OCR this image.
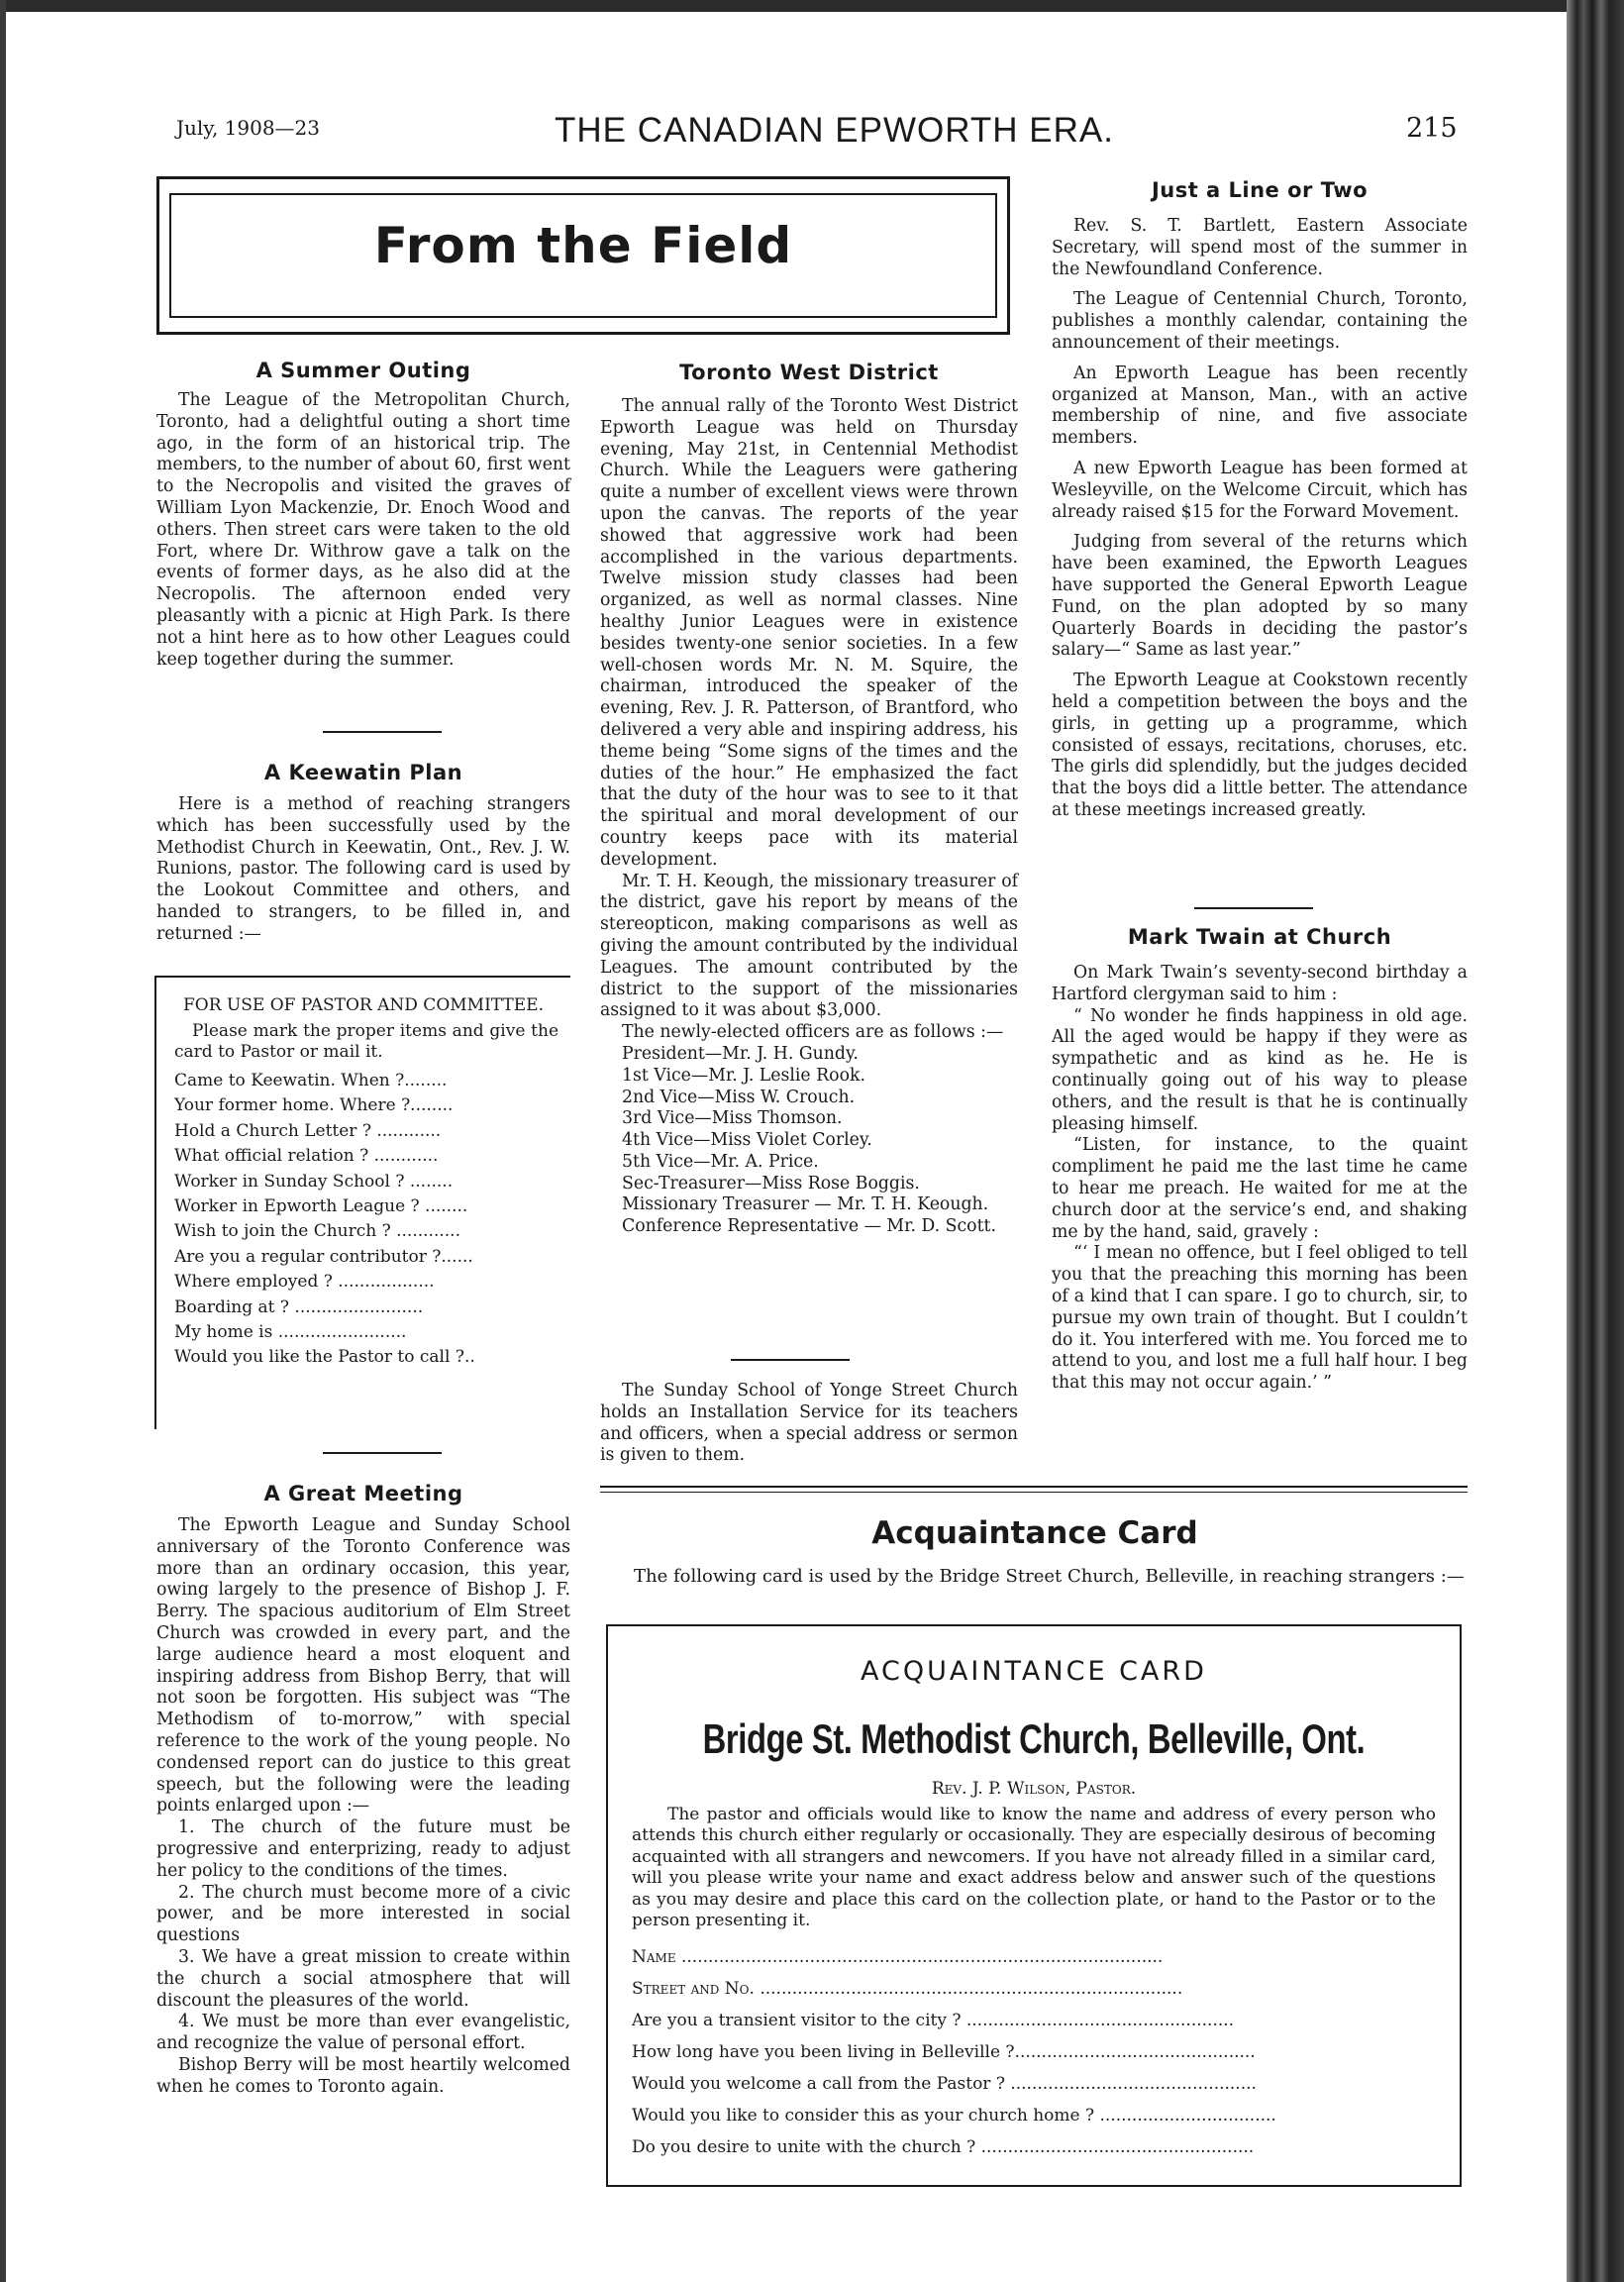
July, 1908—23	THE CANADIAN EPWORTH ERA.	215
From the Field
A Summer Outing

The League of the Metropolitan Church, Toronto, had a delightful outing a short time ago, in the form of an historical trip. The members, to the number of about 60, first went to the Necropolis and visited the graves of William Lyon Mackenzie, Dr. Enoch Wood and others. Then street cars were taken to the old Fort, where Dr. Withrow gave a talk on the events of former days, as he also did at the Necropolis. The afternoon ended very pleasantly with a picnic at High Park. Is there not a hint here as to how other Leagues could keep together during the summer.

A Keewatin Plan

Here is a method of reaching strangers which has been successfully used by the Methodist Church in Keewatin, Ont., Rev. J. W. Runions, pastor. The following card is used by the Lookout Committee and others, and handed to strangers, to be filled in, and returned :—

FOR USE OF PASTOR AND COMMITTEE.
Please mark the proper items and give the card to Pastor or mail it.
Came to Keewatin. When ?........
Your former home. Where ?........
Hold a Church Letter ? ............
What official relation ? ............
Worker in Sunday School ? ........
Worker in Epworth League ? ........
Wish to join the Church ? ............
Are you a regular contributor ?......
Where employed ? ..................
Boarding at ? ........................
My home is ........................
Would you like the Pastor to call ?..
A Great Meeting

The Epworth League and Sunday School anniversary of the Toronto Conference was more than an ordinary occasion, this year, owing largely to the presence of Bishop J. F. Berry. The spacious auditorium of Elm Street Church was crowded in every part, and the large audience heard a most eloquent and inspiring address from Bishop Berry, that will not soon be forgotten. His subject was “The Methodism of to-morrow,” with special reference to the work of the young people. No condensed report can do justice to this great speech, but the following were the leading points enlarged upon :—

1. The church of the future must be progressive and enterprizing, ready to adjust her policy to the conditions of the times.

2. The church must become more of a civic power, and be more interested in social questions

3. We have a great mission to create within the church a social atmosphere that will discount the pleasures of the world.

4. We must be more than ever evangelistic, and recognize the value of personal effort.

Bishop Berry will be most heartily welcomed when he comes to Toronto again.

Toronto West District

The annual rally of the Toronto West District Epworth League was held on Thursday evening, May 21st, in Centennial Methodist Church. While the Leaguers were gathering quite a number of excellent views were thrown upon the canvas. The reports of the year showed that aggressive work had been accomplished in the various departments. Twelve mission study classes had been organized, as well as normal classes. Nine healthy Junior Leagues were in existence besides twenty-one senior societies. In a few well-chosen words Mr. N. M. Squire, the chairman, introduced the speaker of the evening, Rev. J. R. Patterson, of Brantford, who delivered a very able and inspiring address, his theme being “Some signs of the times and the duties of the hour.” He emphasized the fact that the duty of the hour was to see to it that the spiritual and moral development of our country keeps pace with its material development.

Mr. T. H. Keough, the missionary treasurer of the district, gave his report by means of the stereopticon, making comparisons as well as giving the amount contributed by the individual Leagues. The amount contributed by the district to the support of the missionaries assigned to it was about $3,000.

The newly-elected officers are as follows :—

President—Mr. J. H. Gundy.
1st Vice—Mr. J. Leslie Rook.
2nd Vice—Miss W. Crouch.
3rd Vice—Miss Thomson.
4th Vice—Miss Violet Corley.
5th Vice—Mr. A. Price.
Sec-Treasurer—Miss Rose Boggis.
Missionary Treasurer — Mr. T. H. Keough.
Conference Representative — Mr. D. Scott.

The Sunday School of Yonge Street Church holds an Installation Service for its teachers and officers, when a special address or sermon is given to them.

Just a Line or Two

Rev. S. T. Bartlett, Eastern Associate Secretary, will spend most of the summer in the Newfoundland Conference.

The League of Centennial Church, Toronto, publishes a monthly calendar, containing the announcement of their meetings.

An Epworth League has been recently organized at Manson, Man., with an active membership of nine, and five associate members.

A new Epworth League has been formed at Wesleyville, on the Welcome Circuit, which has already raised $15 for the Forward Movement.

Judging from several of the returns which have been examined, the Epworth Leagues have supported the General Epworth League Fund, on the plan adopted by so many Quarterly Boards in deciding the pastor’s salary—“ Same as last year.”

The Epworth League at Cookstown recently held a competition between the boys and the girls, in getting up a programme, which consisted of essays, recitations, choruses, etc. The girls did splendidly, but the judges decided that the boys did a little better. The attendance at these meetings increased greatly.

Mark Twain at Church

On Mark Twain’s seventy-second birthday a Hartford clergyman said to him :

“ No wonder he finds happiness in old age. All the aged would be happy if they were as sympathetic and as kind as he. He is continually going out of his way to please others, and the result is that he is continually pleasing himself.

“Listen, for instance, to the quaint compliment he paid me the last time he came to hear me preach. He waited for me at the church door at the service’s end, and shaking me by the hand, said, gravely :

“‘ I mean no offence, but I feel obliged to tell you that the preaching this morning has been of a kind that I can spare. I go to church, sir, to pursue my own train of thought. But I couldn’t do it. You interfered with me. You forced me to attend to you, and lost me a full half hour. I beg that this may not occur again.’ ”

Acquaintance Card
The following card is used by the Bridge Street Church, Belleville, in reaching strangers :—
ACQUAINTANCE CARD
Bridge St. Methodist Church, Belleville, Ont.
Rev. J. P. Wilson, Pastor.
The pastor and officials would like to know the name and address of every person who attends this church either regularly or occasionally. They are especially desirous of becoming acquainted with all strangers and newcomers. If you have not already filled in a similar card, will you please write your name and exact address below and answer such of the questions as you may desire and place this card on the collection plate, or hand to the Pastor or to the person presenting it.
Name ..........................................................................................
Street and No. ...............................................................................
Are you a transient visitor to the city ? ..................................................
How long have you been living in Belleville ?.............................................
Would you welcome a call from the Pastor ? ..............................................
Would you like to consider this as your church home ? .................................
Do you desire to unite with the church ? ...................................................
